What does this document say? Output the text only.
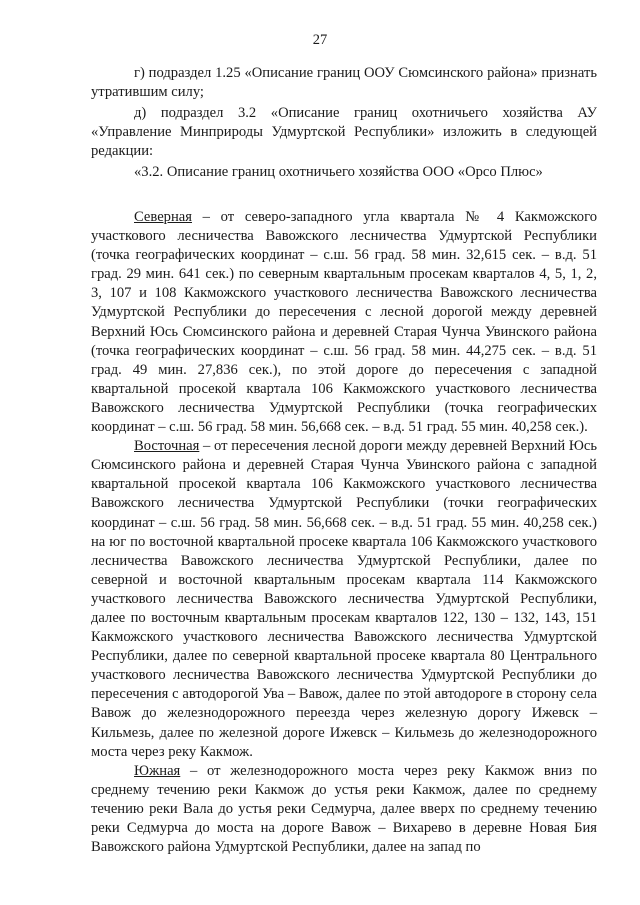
27

г) подраздел 1.25 «Описание границ ООУ Сюмсинского района» признать утратившим силу;

д) подраздел 3.2 «Описание границ охотничьего хозяйства АУ «Управление Минприроды Удмуртской Республики» изложить в следующей редакции:

«3.2. Описание границ охотничьего хозяйства ООО «Орсо Плюс»

Северная – от северо-западного угла квартала № 4 Какможского участкового лесничества Вавожского лесничества Удмуртской Республики (точка географических координат – с.ш. 56 град. 58 мин. 32,615 сек. – в.д. 51 град. 29 мин. 641 сек.) по северным квартальным просекам кварталов 4, 5, 1, 2, 3, 107 и 108 Какможского участкового лесничества Вавожского лесничества Удмуртской Республики до пересечения с лесной дорогой между деревней Верхний Юсь Сюмсинского района и деревней Старая Чунча Увинского района (точка географических координат – с.ш. 56 град. 58 мин. 44,275 сек. – в.д. 51 град. 49 мин. 27,836 сек.), по этой дороге до пересечения с западной квартальной просекой квартала 106 Какможского участкового лесничества Вавожского лесничества Удмуртской Республики (точка географических координат – с.ш. 56 град. 58 мин. 56,668 сек. – в.д. 51 град. 55 мин. 40,258 сек.).

Восточная – от пересечения лесной дороги между деревней Верхний Юсь Сюмсинского района и деревней Старая Чунча Увинского района с западной квартальной просекой квартала 106 Какможского участкового лесничества Вавожского лесничества Удмуртской Республики (точки географических координат – с.ш. 56 град. 58 мин. 56,668 сек. – в.д. 51 град. 55 мин. 40,258 сек.) на юг по восточной квартальной просеке квартала 106 Какможского участкового лесничества Вавожского лесничества Удмуртской Республики, далее по северной и восточной квартальным просекам квартала 114 Какможского участкового лесничества Вавожского лесничества Удмуртской Республики, далее по восточным квартальным просекам кварталов 122, 130 – 132, 143, 151 Какможского участкового лесничества Вавожского лесничества Удмуртской Республики, далее по северной квартальной просеке квартала 80 Центрального участкового лесничества Вавожского лесничества Удмуртской Республики до пересечения с автодорогой Ува – Вавож, далее по этой автодороге в сторону села Вавож до железнодорожного переезда через железную дорогу Ижевск – Кильмезь, далее по железной дороге Ижевск – Кильмезь до железнодорожного моста через реку Какмож.

Южная – от железнодорожного моста через реку Какмож вниз по среднему течению реки Какмож до устья реки Какмож, далее по среднему течению реки Вала до устья реки Седмурча, далее вверх по среднему течению реки Седмурча до моста на дороге Вавож – Вихарево в деревне Новая Бия Вавожского района Удмуртской Республики, далее на запад по
